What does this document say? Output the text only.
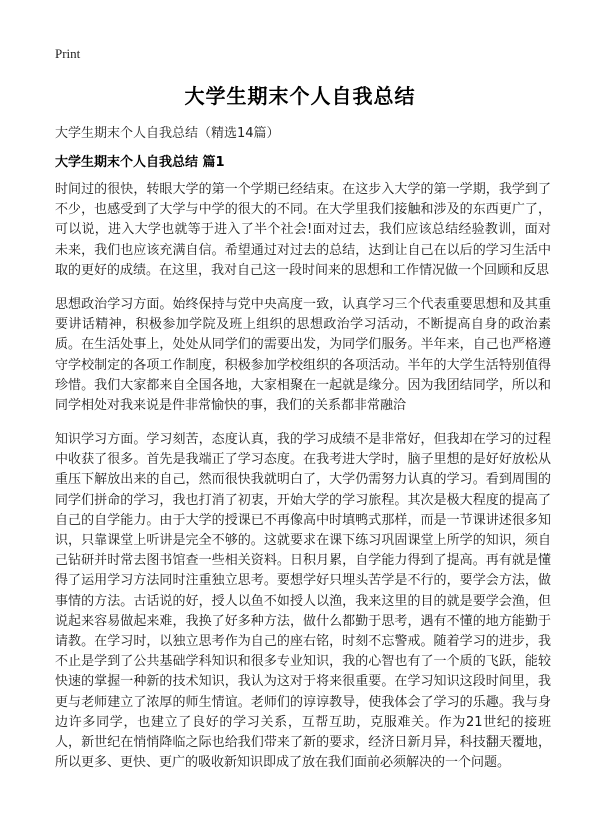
Print
大学生期末个人自我总结
大学生期末个人自我总结（精选14篇）
大学生期末个人自我总结 篇1

时间过的很快，转眼大学的第一个学期已经结束。在这步入大学的第一学期，我学到了不少，也感受到了大学与中学的很大的不同。在大学里我们接触和涉及的东西更广了，可以说，进入大学也就等于进入了半个社会!面对过去，我们应该总结经验教训，面对未来，我们也应该充满自信。希望通过对过去的总结，达到让自己在以后的学习生活中取的更好的成绩。在这里，我对自己这一段时间来的思想和工作情况做一个回顾和反思

思想政治学习方面。始终保持与党中央高度一致，认真学习三个代表重要思想和及其重要讲话精神，积极参加学院及班上组织的思想政治学习活动，不断提高自身的政治素质。在生活处事上，处处从同学们的需要出发，为同学们服务。半年来，自己也严格遵守学校制定的各项工作制度，积极参加学校组织的各项活动。半年的大学生活特别值得珍惜。我们大家都来自全国各地，大家相聚在一起就是缘分。因为我团结同学，所以和同学相处对我来说是件非常愉快的事，我们的关系都非常融洽

知识学习方面。学习刻苦，态度认真，我的学习成绩不是非常好，但我却在学习的过程中收获了很多。首先是我端正了学习态度。在我考进大学时，脑子里想的是好好放松从重压下解放出来的自己，然而很快我就明白了，大学仍需努力认真的学习。看到周围的同学们拼命的学习，我也打消了初衷，开始大学的学习旅程。其次是极大程度的提高了自己的自学能力。由于大学的授课已不再像高中时填鸭式那样，而是一节课讲述很多知识，只靠课堂上听讲是完全不够的。这就要求在课下练习巩固课堂上所学的知识，须自己钻研并时常去图书馆查一些相关资料。日积月累，自学能力得到了提高。再有就是懂得了运用学习方法同时注重独立思考。要想学好只埋头苦学是不行的，要学会方法，做事情的方法。古话说的好，授人以鱼不如授人以渔，我来这里的目的就是要学会渔，但说起来容易做起来难，我换了好多种方法，做什么都勤于思考，遇有不懂的地方能勤于请教。在学习时，以独立思考作为自己的座右铭，时刻不忘警戒。随着学习的进步，我不止是学到了公共基础学科知识和很多专业知识，我的心智也有了一个质的飞跃，能较快速的掌握一种新的技术知识，我认为这对于将来很重要。在学习知识这段时间里，我更与老师建立了浓厚的师生情谊。老师们的谆谆教导，使我体会了学习的乐趣。我与身边许多同学，也建立了良好的学习关系，互帮互助，克服难关。作为21世纪的接班人，新世纪在悄悄降临之际也给我们带来了新的要求，经济日新月异，科技翻天覆地，所以更多、更快、更广的吸收新知识即成了放在我们面前必须解决的一个问题。
